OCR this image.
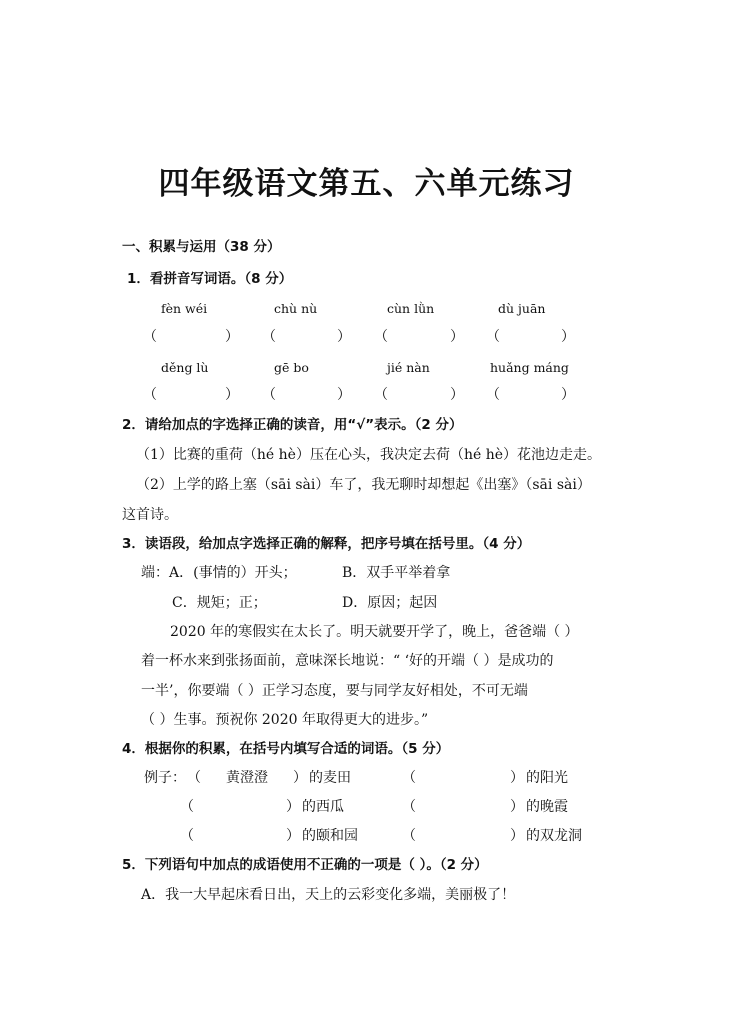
四年级语文第五、六单元练习
一、积累与运用（38 分）
1．看拼音写词语。（8 分）
fèn wéi	chù nù	cùn lǜn	dù juān
（	） （	） （	） （	）
děng lù	gē bo	jié nàn	huǎng máng
（	） （	） （	） （	）
2．请给加点的字选择正确的读音，用“√”表示。（2 分）
（1）比赛的重荷（hé hè）压在心头，我决定去荷（hé hè）花池边走走。
（2）上学的路上塞（sāi sài）车了，我无聊时却想起《出塞》（sāi sài）
这首诗。
3．读语段，给加点字选择正确的解释，把序号填在括号里。（4 分）
端：A．(事情的）开头；	B．双手平举着拿
C．规矩；正；	D．原因；起因
2020 年的寒假实在太长了。明天就要开学了，晚上，爸爸端（ ）
着一杯水来到张扬面前，意味深长地说：“ ‘好的开端（ ）是成功的
一半’，你要端（ ）正学习态度，要与同学友好相处，不可无端
（ ）生事。预祝你 2020 年取得更大的进步。”
4．根据你的积累，在括号内填写合适的词语。（5 分）
例子： （ 黄澄澄 ） 的麦田	（	） 的阳光
（	） 的西瓜	（	） 的晚霞
（	） 的颐和园	（	） 的双龙洞
5．下列语句中加点的成语使用不正确的一项是（ ）。（2 分）
A．我一大早起床看日出，天上的云彩变化多端，美丽极了！
